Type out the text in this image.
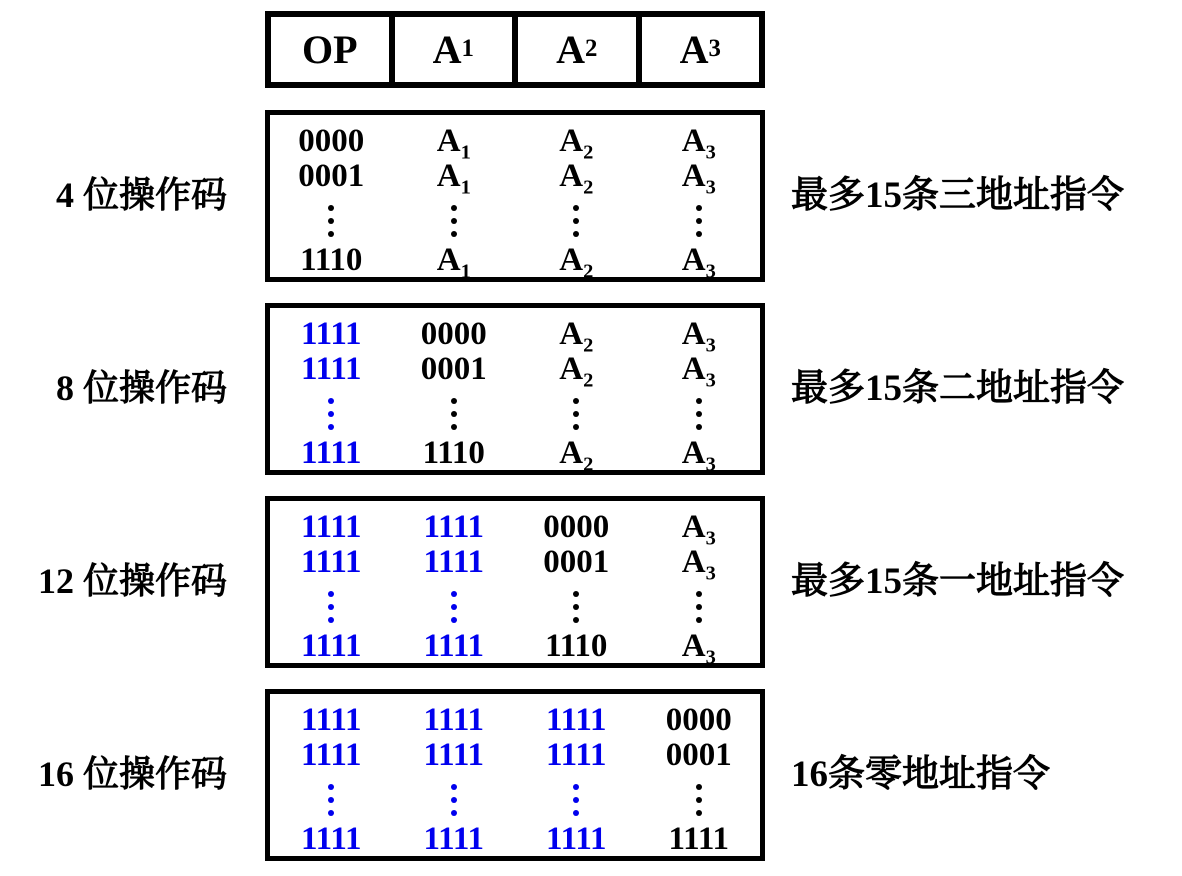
OP A 1 A 2 A 3
4 位操作码
0000	$A_1$	$A_2$	$A_3$
0001	$A_1$	$A_2$	$A_3$
1110	$A_1$	$A_2$	$A_3$
最多15条三地址指令
8 位操作码
1111	0000	$A_2$	$A_3$
1111	0001	$A_2$	$A_3$
1111	1110	$A_2$	$A_3$
最多15条二地址指令
12 位操作码
1111	1111	0000	$A_3$
1111	1111	0001	$A_3$
1111	1111	1110	$A_3$
最多15条一地址指令
16 位操作码
1111	1111	1111	0000
1111	1111	1111	0001
1111	1111	1111	1111
16条零地址指令
